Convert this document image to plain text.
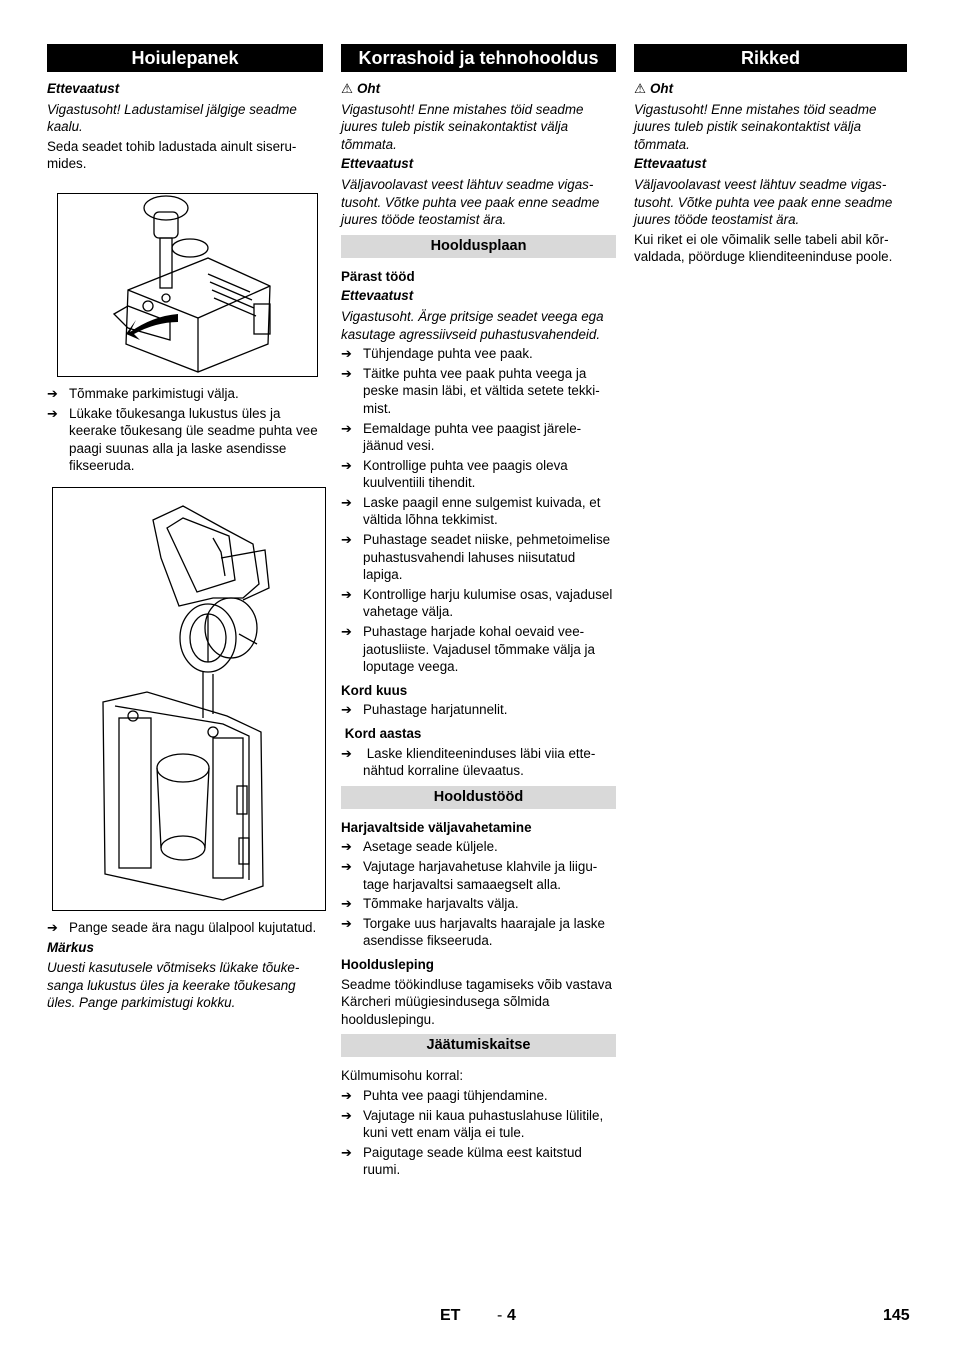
Hoiulepanek
Ettevaatust

Vigastusoht! Ladustamisel jälgige seadme kaalu.

Seda seadet tohib ladustada ainult siserumides.

➔ Tõmmake parkimistugi välja.
➔ Lükake tõukesanga lukustus üles ja keerake tõukesang üle seadme puhta vee paagi suunas alla ja laske asendisse fikseeruda.
➔ Pange seade ära nagu ülalpool kujutatud.
Märkus

Uuesti kasutusele võtmiseks lükake tõukesanga lukustus üles ja keerake tõukesang üles. Pange parkimistugi kokku.

Korrashoid ja tehnohooldus
⚠ Oht

Vigastusoht! Enne mistahes töid seadme juures tuleb pistik seinakontaktist välja tõmmata.

Ettevaatust

Väljavoolavast veest lähtuv seadme vigastusoht. Võtke puhta vee paak enne seadme juures tööde teostamist ära.

Hooldusplaan
Pärast tööd
Ettevaatust

Vigastusoht. Ärge pritsige seadet veega ega kasutage agressiivseid puhastusvahendeid.

➔ Tühjendage puhta vee paak.
➔ Täitke puhta vee paak puhta veega ja peske masin läbi, et vältida setete tekkimist.
➔ Eemaldage puhta vee paagist järelejäänud vesi.
➔ Kontrollige puhta vee paagis oleva kuulventiili tihendit.
➔ Laske paagil enne sulgemist kuivada, et vältida lõhna tekkimist.
➔ Puhastage seadet niiske, pehmetoimelise puhastusvahendi lahuses niisutatud lapiga.
➔ Kontrollige harju kulumise osas, vajadusel vahetage välja.
➔ Puhastage harjade kohal oevaid veejaotusliiste. Vajadusel tõmmake välja ja loputage veega.
Kord kuus
➔ Puhastage harjatunnelit.
Kord aastas
➔ Laske klienditeeninduses läbi viia ettenähtud korraline ülevaatus.
Hooldustööd
Harjavaltside väljavahetamine
➔ Asetage seade küljele.
➔ Vajutage harjavahetuse klahvile ja liigutage harjavaltsi samaaegselt alla.
➔ Tõmmake harjavalts välja.
➔ Torgake uus harjavalts haarajale ja laske asendisse fikseeruda.
Hooldusleping

Seadme töökindluse tagamiseks võib vastava Kärcheri müügiesindusega sõlmida hoolduslepingu.

Jäätumiskaitse

Külmumisohu korral:

➔ Puhta vee paagi tühjendamine.
➔ Vajutage nii kaua puhastuslahuse lülitile, kuni vett enam välja ei tule.
➔ Paigutage seade külma eest kaitstud ruumi.
Rikked
⚠ Oht

Vigastusoht! Enne mistahes töid seadme juures tuleb pistik seinakontaktist välja tõmmata.

Ettevaatust

Väljavoolavast veest lähtuv seadme vigastusoht. Võtke puhta vee paak enne seadme juures tööde teostamist ära.

Kui riket ei ole võimalik selle tabeli abil kõrvaldada, pöörduge klienditeeninduse poole.

ET - 4	145
